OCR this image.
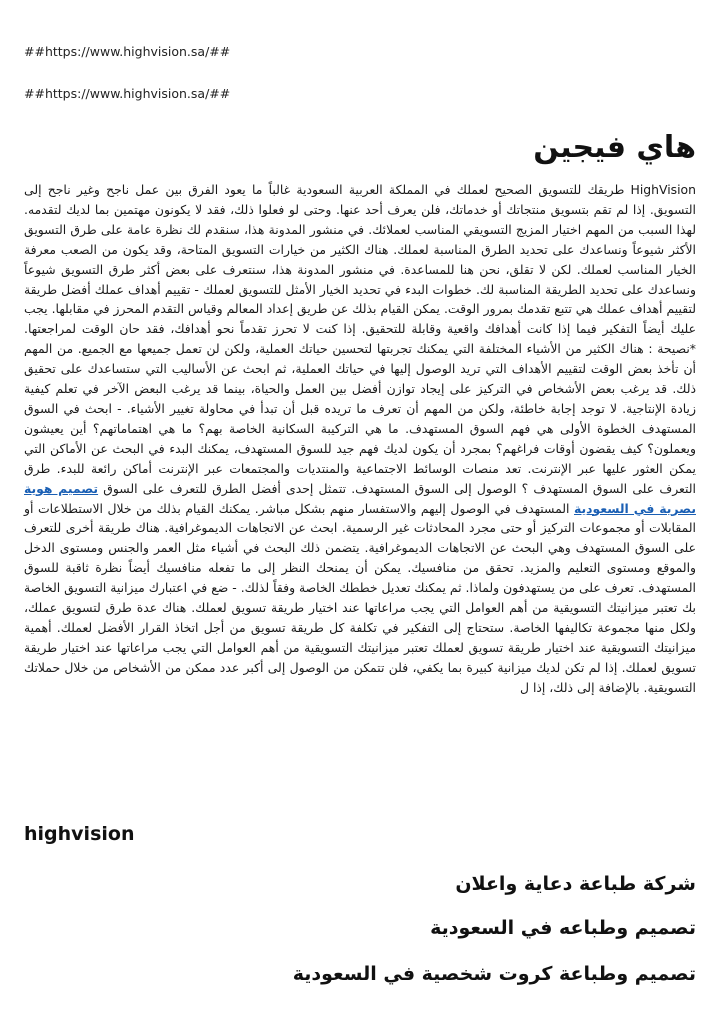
##https://www.highvision.sa/##
##https://www.highvision.sa/##
هاي فيجين

HighVision طريقك للتسويق الصحيح لعملك في المملكة العربية السعودية غالباً ما يعود الفرق بين عمل ناجح وغير ناجح إلى التسويق. إذا لم تقم بتسويق منتجاتك أو خدماتك، فلن يعرف أحد عنها. وحتى لو فعلوا ذلك، فقد لا يكونون مهتمين بما لديك لتقدمه. لهذا السبب من المهم اختيار المزيج التسويقي المناسب لعملائك. في منشور المدونة هذا، سنقدم لك نظرة عامة على طرق التسويق الأكثر شيوعاً ونساعدك على تحديد الطرق المناسبة لعملك. هناك الكثير من خيارات التسويق المتاحة، وقد يكون من الصعب معرفة الخيار المناسب لعملك. لكن لا تقلق، نحن هنا للمساعدة. في منشور المدونة هذا، سنتعرف على بعض أكثر طرق التسويق شيوعاً ونساعدك على تحديد الطريقة المناسبة لك. خطوات البدء في تحديد الخيار الأمثل للتسويق لعملك - تقييم أهداف عملك أفضل طريقة لتقييم أهداف عملك هي تتبع تقدمك بمرور الوقت. يمكن القيام بذلك عن طريق إعداد المعالم وقياس التقدم المحرز في مقابلها. يجب عليك أيضاً التفكير فيما إذا كانت أهدافك واقعية وقابلة للتحقيق. إذا كنت لا تحرز تقدماً نحو أهدافك، فقد حان الوقت لمراجعتها. *نصيحة : هناك الكثير من الأشياء المختلفة التي يمكنك تجربتها لتحسين حياتك العملية، ولكن لن تعمل جميعها مع الجميع. من المهم أن تأخذ بعض الوقت لتقييم الأهداف التي تريد الوصول إليها في حياتك العملية، ثم ابحث عن الأساليب التي ستساعدك على تحقيق ذلك. قد يرغب بعض الأشخاص في التركيز على إيجاد توازن أفضل بين العمل والحياة، بينما قد يرغب البعض الآخر في تعلم كيفية زيادة الإنتاجية. لا توجد إجابة خاطئة، ولكن من المهم أن تعرف ما تريده قبل أن تبدأ في محاولة تغيير الأشياء. - ابحث في السوق المستهدف الخطوة الأولى هي فهم السوق المستهدف. ما هي التركيبة السكانية الخاصة بهم؟ ما هي اهتماماتهم؟ أين يعيشون ويعملون؟ كيف يقضون أوقات فراغهم؟ بمجرد أن يكون لديك فهم جيد للسوق المستهدف، يمكنك البدء في البحث عن الأماكن التي يمكن العثور عليها عبر الإنترنت. تعد منصات الوسائط الاجتماعية والمنتديات والمجتمعات عبر الإنترنت أماكن رائعة للبدء. طرق التعرف على السوق المستهدف ؟ الوصول إلى السوق المستهدف. تتمثل إحدى أفضل الطرق للتعرف على السوق تصميم هوية بصرية في السعودية المستهدف في الوصول إليهم والاستفسار منهم بشكل مباشر. يمكنك القيام بذلك من خلال الاستطلاعات أو المقابلات أو مجموعات التركيز أو حتى مجرد المحادثات غير الرسمية. ابحث عن الاتجاهات الديموغرافية. هناك طريقة أخرى للتعرف على السوق المستهدف وهي البحث عن الاتجاهات الديموغرافية. يتضمن ذلك البحث في أشياء مثل العمر والجنس ومستوى الدخل والموقع ومستوى التعليم والمزيد. تحقق من منافسيك. يمكن أن يمنحك النظر إلى ما تفعله منافسيك أيضاً نظرة ثاقبة للسوق المستهدف. تعرف على من يستهدفون ولماذا. ثم يمكنك تعديل خططك الخاصة وفقاً لذلك. - ضع في اعتبارك ميزانية التسويق الخاصة بك تعتبر ميزانيتك التسويقية من أهم العوامل التي يجب مراعاتها عند اختيار طريقة تسويق لعملك. هناك عدة طرق لتسويق عملك، ولكل منها مجموعة تكاليفها الخاصة. ستحتاج إلى التفكير في تكلفة كل طريقة تسويق من أجل اتخاذ القرار الأفضل لعملك. أهمية ميزانيتك التسويقية عند اختيار طريقة تسويق لعملك تعتبر ميزانيتك التسويقية من أهم العوامل التي يجب مراعاتها عند اختيار طريقة تسويق لعملك. إذا لم تكن لديك ميزانية كبيرة بما يكفي، فلن تتمكن من الوصول إلى أكبر عدد ممكن من الأشخاص من خلال حملاتك التسويقية. بالإضافة إلى ذلك، إذا ل

highvision
شركة طباعة دعاية واعلان
تصميم وطباعه في السعودية
تصميم وطباعة كروت شخصية في السعودية
